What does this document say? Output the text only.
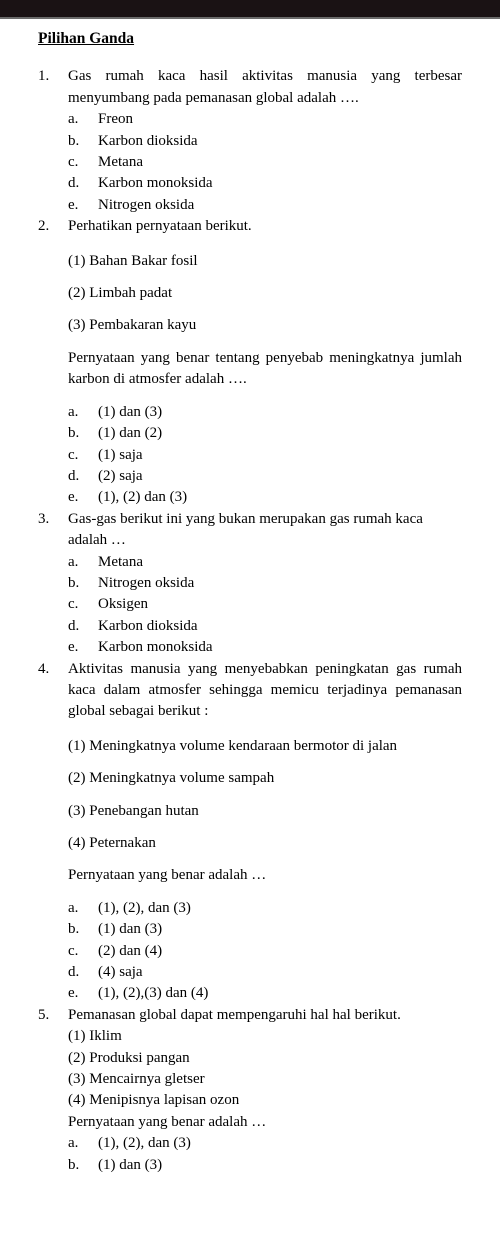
Pilihan Ganda
1. Gas rumah kaca hasil aktivitas manusia yang terbesar menyumbang pada pemanasan global adalah ….

a. Freon
b. Karbon dioksida
c. Metana
d. Karbon monoksida
e. Nitrogen oksida
2. Perhatikan pernyataan berikut.

(1) Bahan Bakar fosil

(2) Limbah padat

(3) Pembakaran kayu

Pernyataan yang benar tentang penyebab meningkatnya jumlah karbon di atmosfer adalah ….

a. (1) dan (3)
b. (1) dan (2)
c. (1) saja
d. (2) saja
e. (1), (2) dan (3)
3. Gas-gas berikut ini yang bukan merupakan gas rumah kaca adalah …

a. Metana
b. Nitrogen oksida
c. Oksigen
d. Karbon dioksida
e. Karbon monoksida
4. Aktivitas manusia yang menyebabkan peningkatan gas rumah kaca dalam atmosfer sehingga memicu terjadinya pemanasan global sebagai berikut :

(1) Meningkatnya volume kendaraan bermotor di jalan

(2) Meningkatnya volume sampah

(3) Penebangan hutan

(4) Peternakan

Pernyataan yang benar adalah …

a. (1), (2), dan (3)
b. (1) dan (3)
c. (2) dan (4)
d. (4) saja
e. (1), (2),(3) dan (4)
5. Pemanasan global dapat mempengaruhi hal hal berikut.

(1) Iklim

(2) Produksi pangan

(3) Mencairnya gletser

(4) Menipisnya lapisan ozon

Pernyataan yang benar adalah …

a. (1), (2), dan (3)
b. (1) dan (3)
